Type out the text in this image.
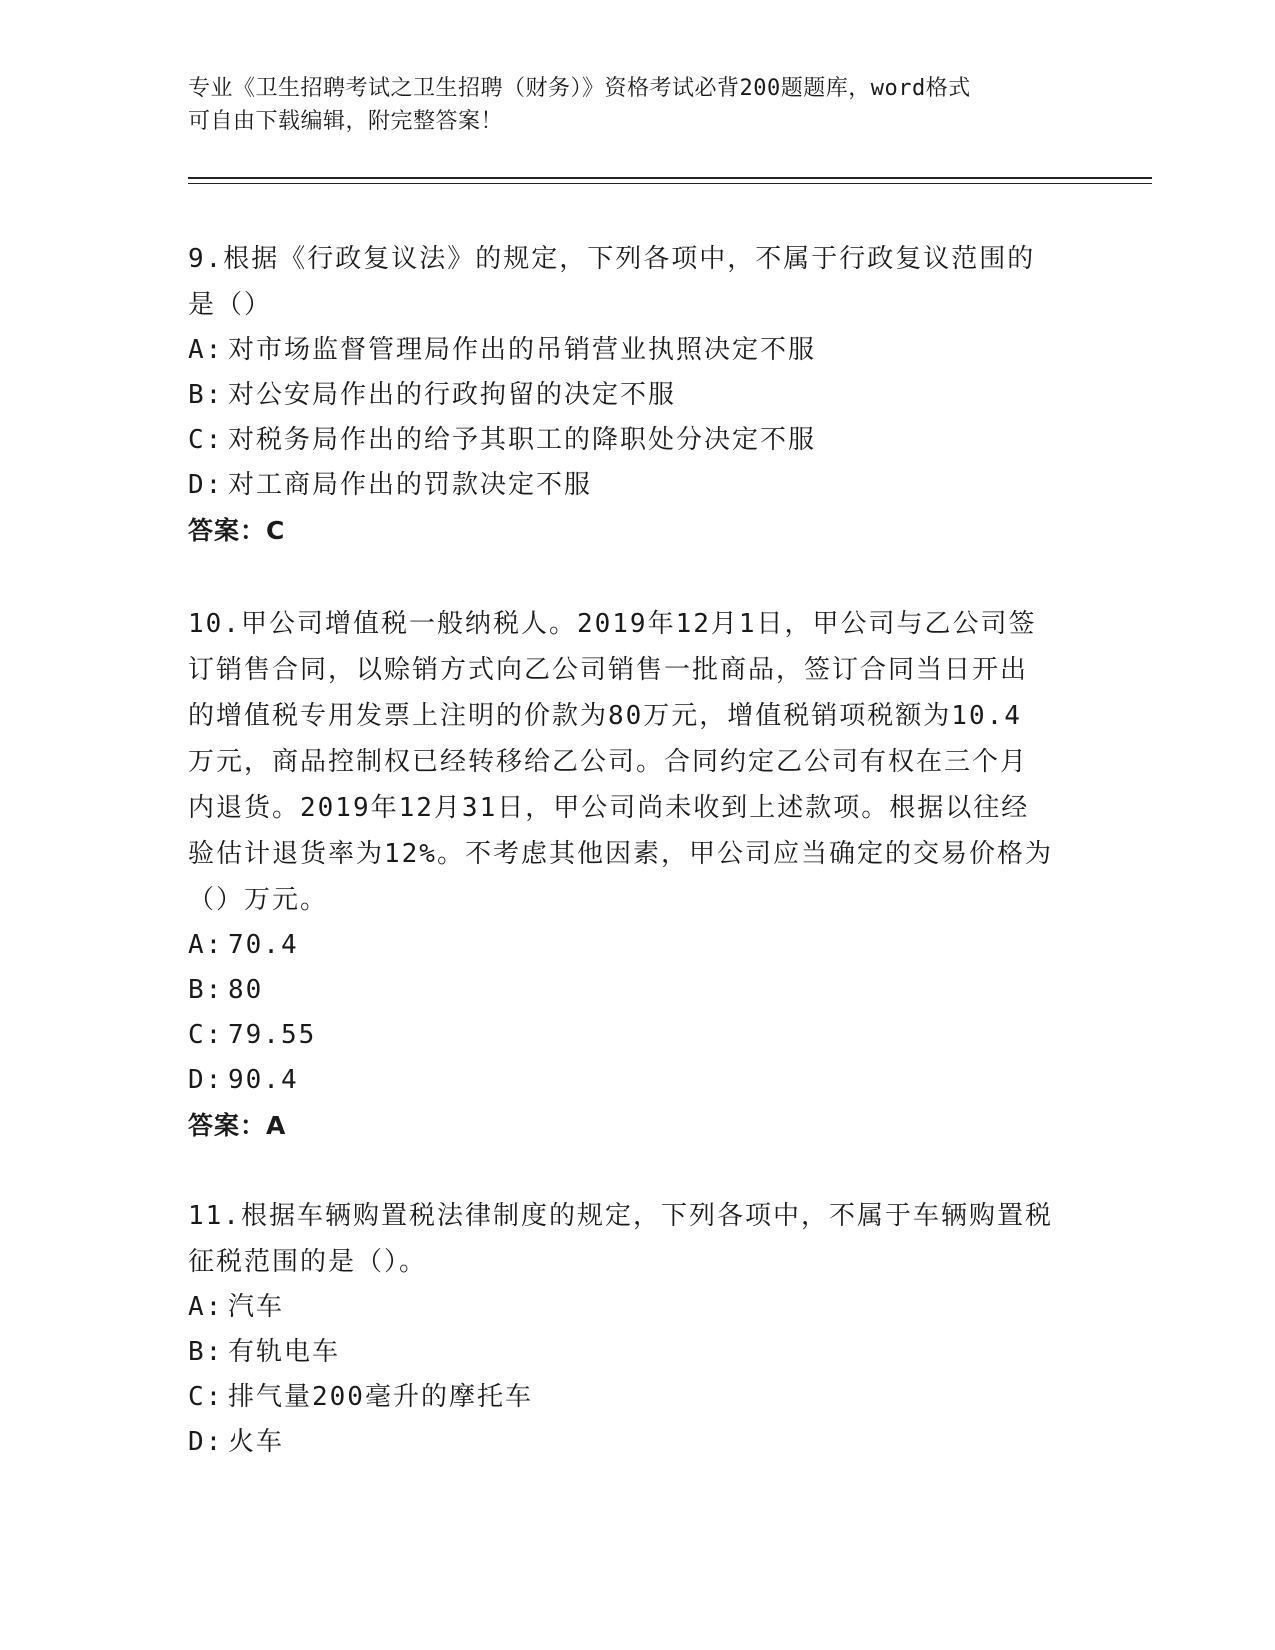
专业《卫生招聘考试之卫生招聘（财务）》资格考试必背200题题库，word格式

可自由下载编辑，附完整答案！

9.根据《行政复议法》的规定，下列各项中，不属于行政复议范围的
是（）

A: 对市场监督管理局作出的吊销营业执照决定不服

B: 对公安局作出的行政拘留的决定不服

C: 对税务局作出的给予其职工的降职处分决定不服

D: 对工商局作出的罚款决定不服

答案：C

10.甲公司增值税一般纳税人。2019年12月1日，甲公司与乙公司签
订销售合同，以赊销方式向乙公司销售一批商品，签订合同当日开出
的增值税专用发票上注明的价款为80万元，增值税销项税额为10.4
万元，商品控制权已经转移给乙公司。合同约定乙公司有权在三个月
内退货。2019年12月31日，甲公司尚未收到上述款项。根据以往经
验估计退货率为12%。不考虑其他因素，甲公司应当确定的交易价格为
（）万元。

A: 70.4

B: 80

C: 79.55

D: 90.4

答案：A

11.根据车辆购置税法律制度的规定，下列各项中，不属于车辆购置税
征税范围的是（）。

A: 汽车

B: 有轨电车

C: 排气量200毫升的摩托车

D: 火车
